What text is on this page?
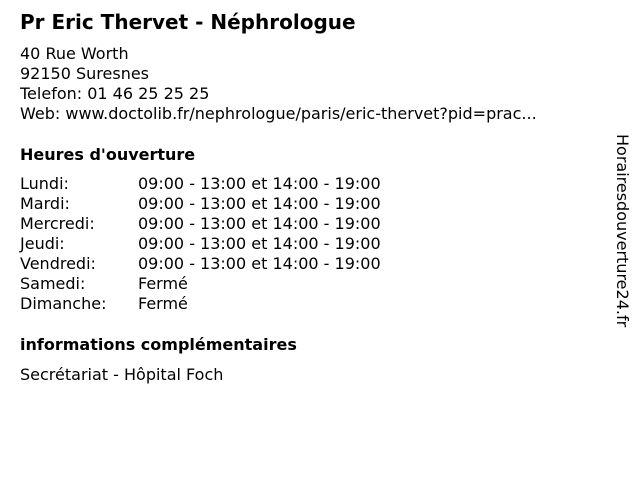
Pr Eric Thervet - Néphrologue
40 Rue Worth
92150 Suresnes
Telefon: 01 46 25 25 25
Web: www.doctolib.fr/nephrologue/paris/eric-thervet?pid=prac...
Heures d'ouverture
Lundi:	09:00 - 13:00 et 14:00 - 19:00
Mardi:	09:00 - 13:00 et 14:00 - 19:00
Mercredi:	09:00 - 13:00 et 14:00 - 19:00
Jeudi:	09:00 - 13:00 et 14:00 - 19:00
Vendredi:	09:00 - 13:00 et 14:00 - 19:00
Samedi:	Fermé
Dimanche:	Fermé
informations complémentaires
Secrétariat - Hôpital Foch
Horairesdouverture24.fr
